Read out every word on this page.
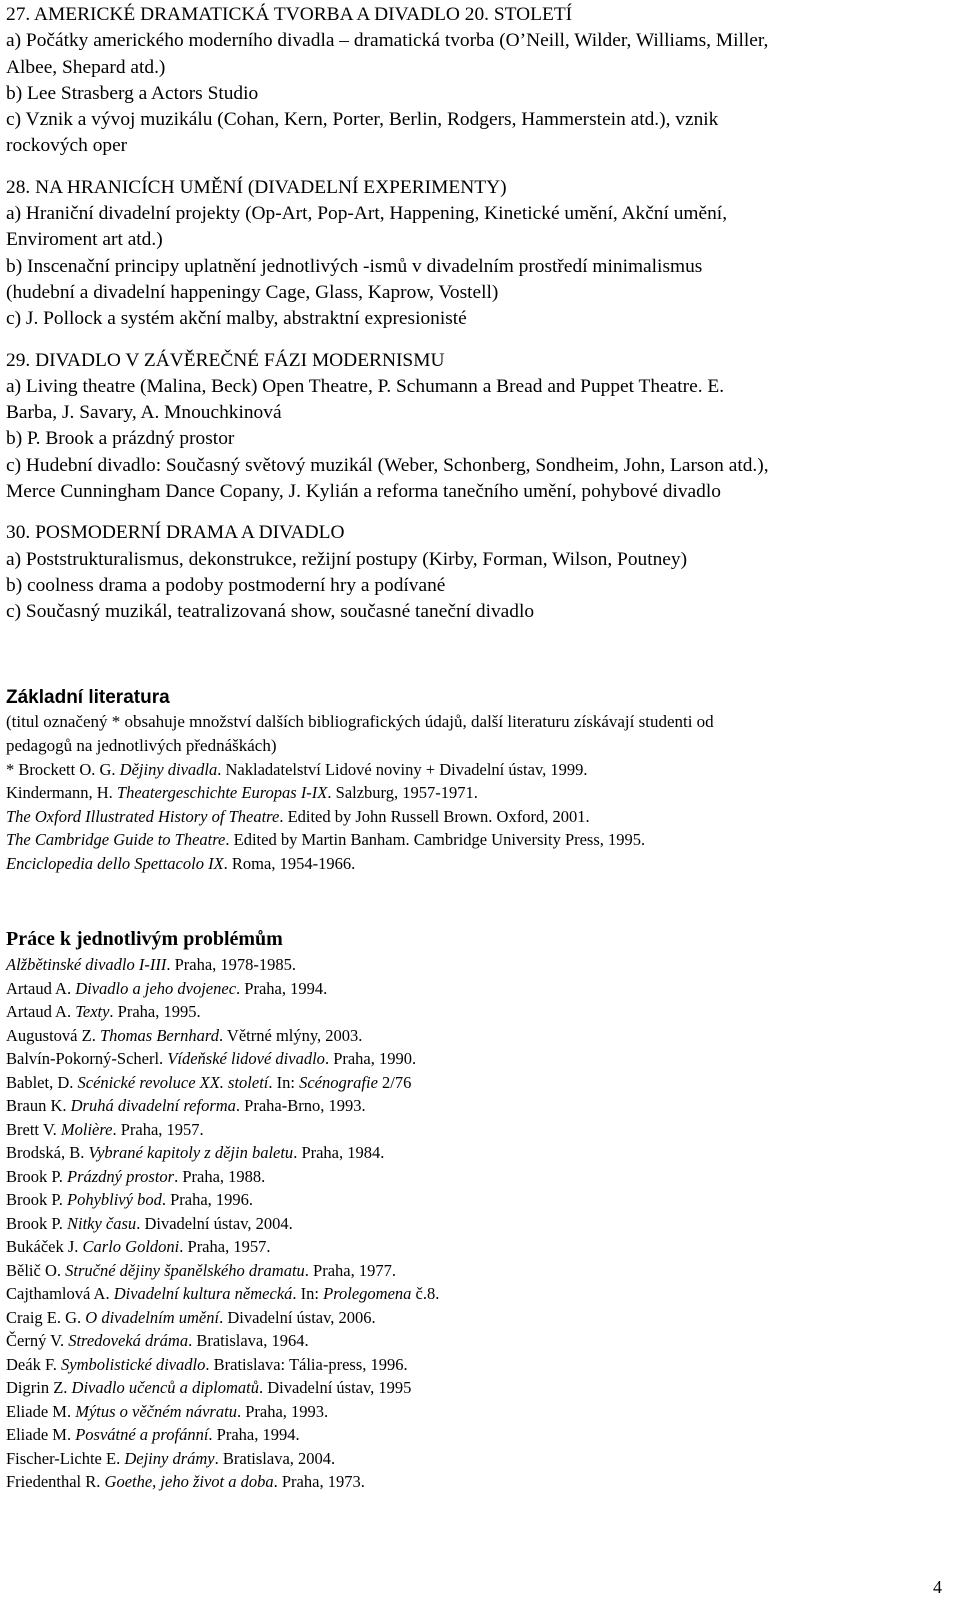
27. AMERICKÉ DRAMATICKÁ TVORBA A DIVADLO 20. STOLETÍ
a) Počátky amerického moderního divadla – dramatická tvorba (O’Neill, Wilder, Williams, Miller,
Albee, Shepard atd.)
b) Lee Strasberg a Actors Studio
c) Vznik a vývoj muzikálu (Cohan, Kern, Porter, Berlin, Rodgers, Hammerstein atd.), vznik
rockových oper
28. NA HRANICÍCH UMĚNÍ (DIVADELNÍ EXPERIMENTY)
a) Hraniční divadelní projekty (Op-Art, Pop-Art, Happening, Kinetické umění, Akční umění,
Enviroment art atd.)
b) Inscenační principy uplatnění jednotlivých -ismů v divadelním prostředí minimalismus
(hudební a divadelní happeningy Cage, Glass, Kaprow, Vostell)
c) J. Pollock a systém akční malby, abstraktní expresionisté
29. DIVADLO V ZÁVĚREČNÉ FÁZI MODERNISMU
a) Living theatre (Malina, Beck) Open Theatre, P. Schumann a Bread and Puppet Theatre. E.
Barba, J. Savary, A. Mnouchkinová
b) P. Brook a prázdný prostor
c) Hudební divadlo: Současný světový muzikál (Weber, Schonberg, Sondheim, John, Larson atd.),
Merce Cunningham Dance Copany, J. Kylián a reforma tanečního umění, pohybové divadlo
30. POSMODERNÍ DRAMA A DIVADLO
a) Poststrukturalismus, dekonstrukce, režijní postupy (Kirby, Forman, Wilson, Poutney)
b) coolness drama a podoby postmoderní hry a podívané
c) Současný muzikál, teatralizovaná show, současné taneční divadlo
Základní literatura
(titul označený * obsahuje množství dalších bibliografických údajů, další literaturu získávají studenti od
pedagogů na jednotlivých přednáškách)
* Brockett O. G. Dějiny divadla. Nakladatelství Lidové noviny + Divadelní ústav, 1999.
Kindermann, H. Theatergeschichte Europas I-IX. Salzburg, 1957-1971.
The Oxford Illustrated History of Theatre. Edited by John Russell Brown. Oxford, 2001.
The Cambridge Guide to Theatre. Edited by Martin Banham. Cambridge University Press, 1995.
Enciclopedia dello Spettacolo IX. Roma, 1954-1966.
Práce k jednotlivým problémům
Alžbětinské divadlo I-III. Praha, 1978-1985.
Artaud A. Divadlo a jeho dvojenec. Praha, 1994.
Artaud A. Texty. Praha, 1995.
Augustová Z. Thomas Bernhard. Větrné mlýny, 2003.
Balvín-Pokorný-Scherl. Vídeňské lidové divadlo. Praha, 1990.
Bablet, D. Scénické revoluce XX. století. In: Scénografie 2/76
Braun K. Druhá divadelní reforma. Praha-Brno, 1993.
Brett V. Molière. Praha, 1957.
Brodská, B. Vybrané kapitoly z dějin baletu. Praha, 1984.
Brook P. Prázdný prostor. Praha, 1988.
Brook P. Pohyblivý bod. Praha, 1996.
Brook P. Nitky času. Divadelní ústav, 2004.
Bukáček J. Carlo Goldoni. Praha, 1957.
Bělič O. Stručné dějiny španělského dramatu. Praha, 1977.
Cajthamlová A. Divadelní kultura německá. In: Prolegomena č.8.
Craig E. G. O divadelním umění. Divadelní ústav, 2006.
Černý V. Stredoveká dráma. Bratislava, 1964.
Deák F. Symbolistické divadlo. Bratislava: Tália-press, 1996.
Digrin Z. Divadlo učenců a diplomatů. Divadelní ústav, 1995
Eliade M. Mýtus o věčném návratu. Praha, 1993.
Eliade M. Posvátné a profánní. Praha, 1994.
Fischer-Lichte E. Dejiny drámy. Bratislava, 2004.
Friedenthal R. Goethe, jeho život a doba. Praha, 1973.
4
